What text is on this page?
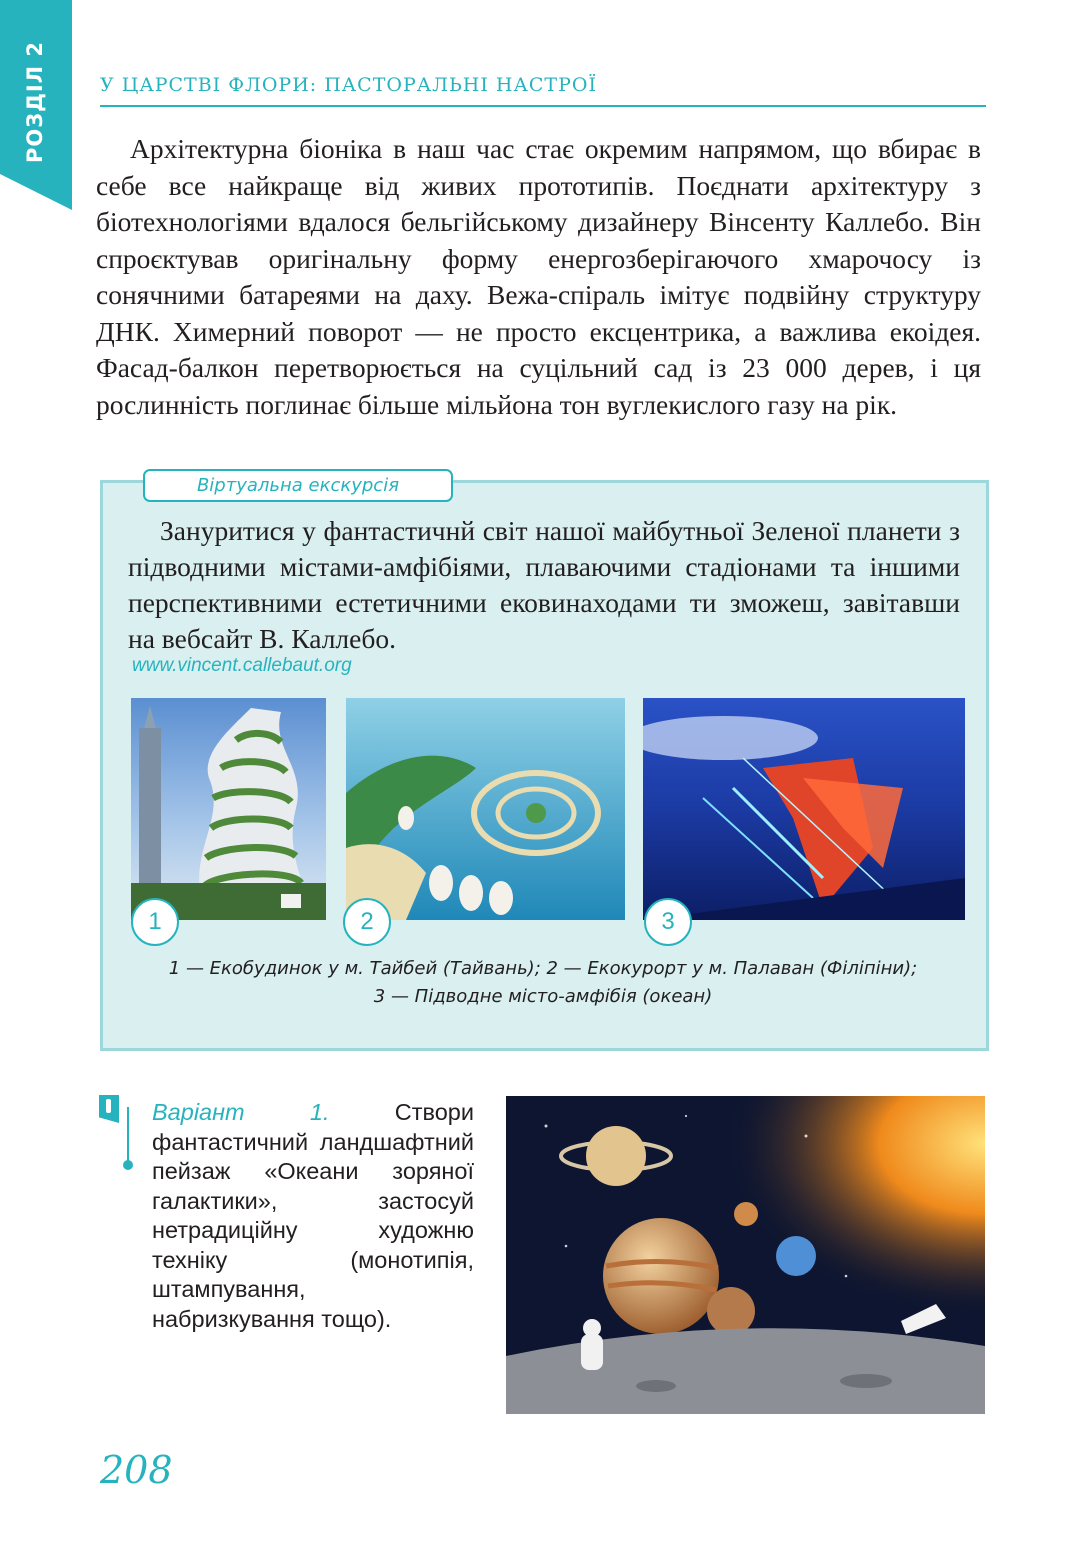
РОЗДІЛ 2	У ЦАРСТВІ ФЛОРИ: ПАСТОРАЛЬНІ НАСТРОЇ

Архітектурна біоніка в наш час стає окремим напрямом, що вбирає в себе все найкраще від живих прототипів. Поєднати архітектуру з біотехнологіями вдалося бельгійському дизайнеру Вінсенту Каллебо. Він спроєктував оригінальну форму енергозберігаючого хмарочосу із сонячними батареями на даху. Вежа-спіраль імітує подвійну структуру ДНК. Химерний поворот — не просто ексцентрика, а важлива екоідея. Фасад-балкон перетворюється на суцільний сад із 23 000 дерев, і ця рослинність поглинає більше мільйона тон вуглекислого газу на рік.

Віртуальна екскурсія

Зануритися у фантастичнй світ нашої майбутньої Зеленої планети з підводними містами-амфібіями, плаваючими стадіонами та іншими перспективними естетичними ековинаходами ти зможеш, завітавши на вебсайт В. Каллебо.

www.vincent.callebaut.org
1	2	3

1 — Екобудинок у м. Тайбей (Тайвань); 2 — Екокурорт у м. Палаван (Філіпіни);
3 — Підводне місто-амфібія (океан)

Варіант 1.	Створи фантастичний ландшафтний пейзаж «Океани зоряної галактики», застосуй нетрадиційну художню техніку (монотипія, штампування, набризкування тощо).

208
